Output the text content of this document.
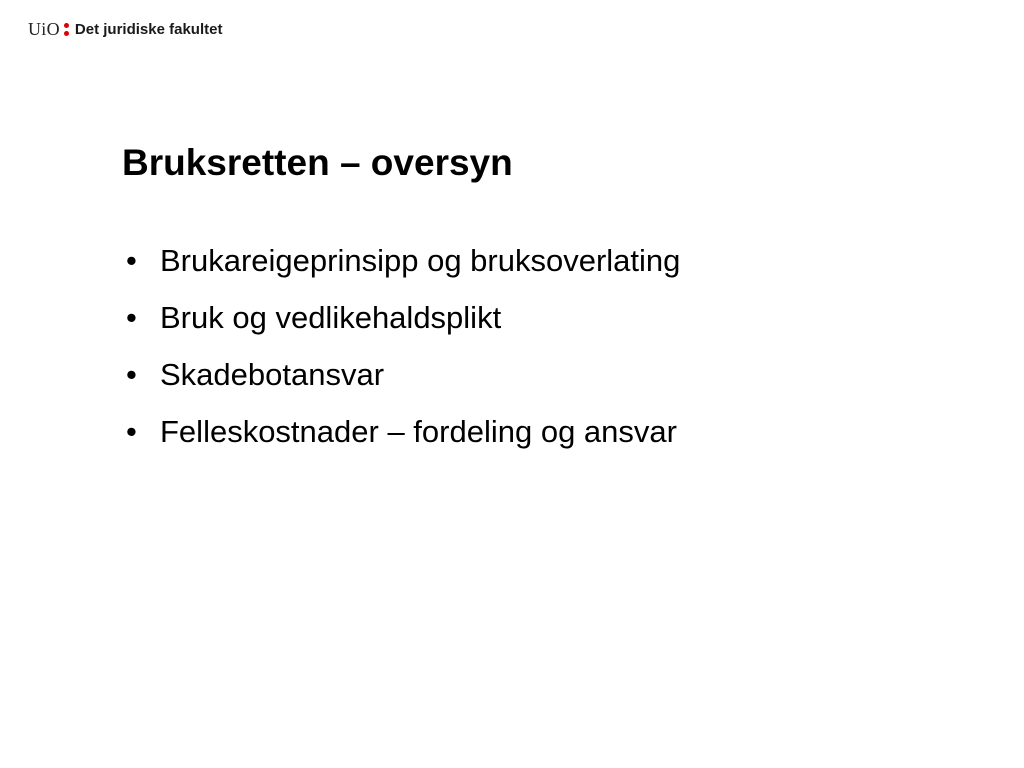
UiO Det juridiske fakultet
Bruksretten – oversyn
• Brukareigeprinsipp og bruksoverlating
• Bruk og vedlikehaldsplikt
• Skadebotansvar
• Felleskostnader – fordeling og ansvar
